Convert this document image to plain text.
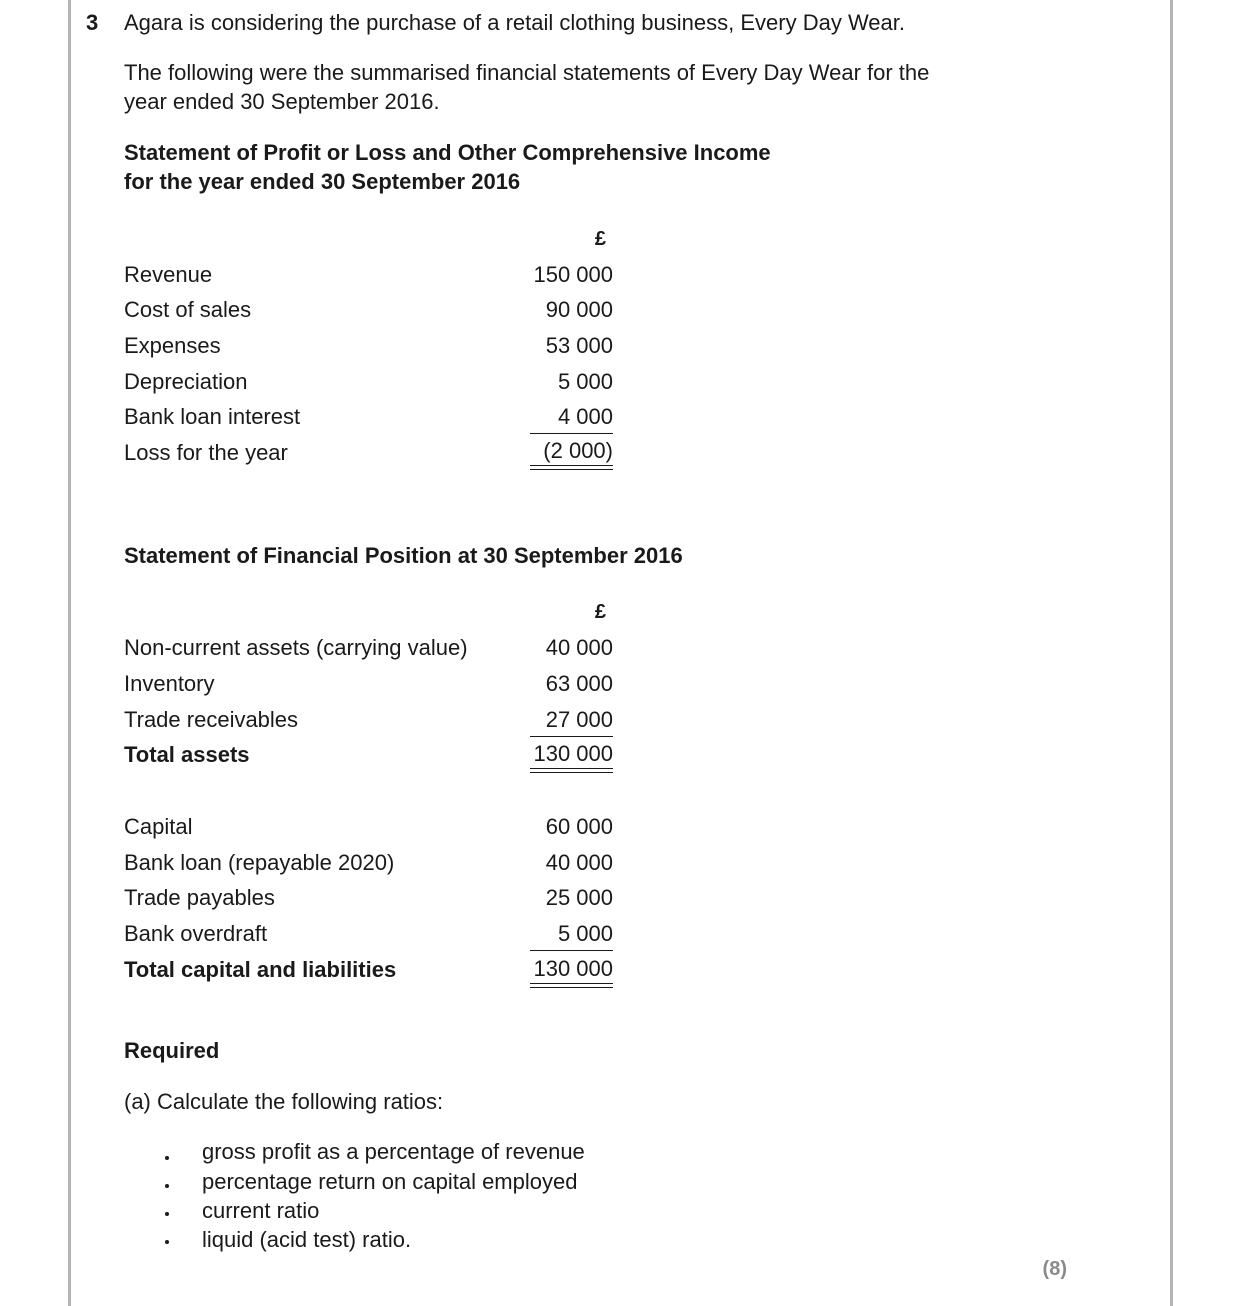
3 Agara is considering the purchase of a retail clothing business, Every Day Wear.
The following were the summarised financial statements of Every Day Wear for the
year ended 30 September 2016.
Statement of Profit or Loss and Other Comprehensive Income
for the year ended 30 September 2016
£
Revenue	150 000
Cost of sales	90 000
Expenses	53 000
Depreciation	5 000
Bank loan interest	4 000
Loss for the year	(2 000)
Statement of Financial Position at 30 September 2016
£
Non-current assets (carrying value)	40 000
Inventory	63 000
Trade receivables	27 000
Total assets	130 000
Capital	60 000
Bank loan (repayable 2020)	40 000
Trade payables	25 000
Bank overdraft	5 000
Total capital and liabilities	130 000
Required
(a) Calculate the following ratios:
gross profit as a percentage of revenue
percentage return on capital employed
current ratio
liquid (acid test) ratio.
(8)
